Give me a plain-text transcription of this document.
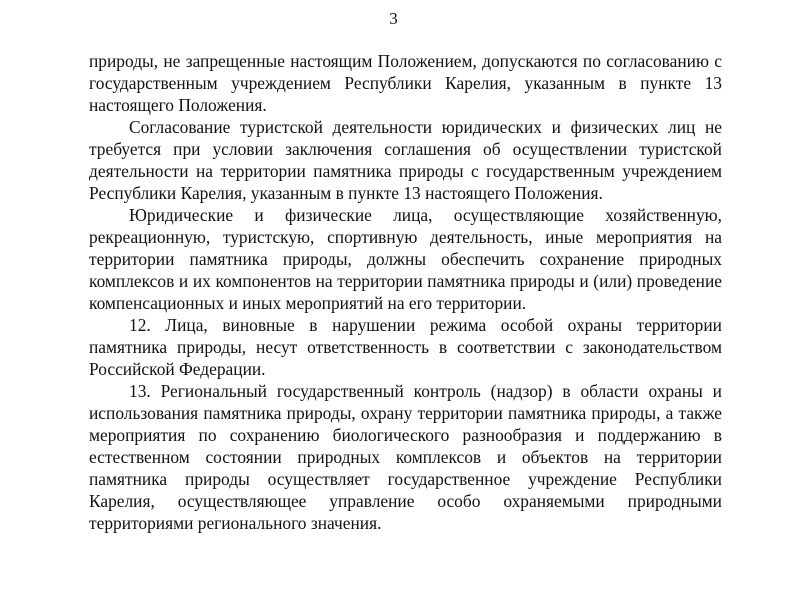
3

природы, не запрещенные настоящим Положением, допускаются по согласованию с государственным учреждением Республики Карелия, указанным в пункте 13 настоящего Положения.

Согласование туристской деятельности юридических и физических лиц не требуется при условии заключения соглашения об осуществлении туристской деятельности на территории памятника природы с государственным учреждением Республики Карелия, указанным в пункте 13 настоящего Положения.

Юридические и физические лица, осуществляющие хозяйственную, рекреационную, туристскую, спортивную деятельность, иные мероприятия на территории памятника природы, должны обеспечить сохранение природных комплексов и их компонентов на территории памятника природы и (или) проведение компенсационных и иных мероприятий на его территории.

12. Лица, виновные в нарушении режима особой охраны территории памятника природы, несут ответственность в соответствии с законодательством Российской Федерации.

13. Региональный государственный контроль (надзор) в области охраны и использования памятника природы, охрану территории памятника природы, а также мероприятия по сохранению биологического разнообразия и поддержанию в естественном состоянии природных комплексов и объектов на территории памятника природы осуществляет государственное учреждение Республики Карелия, осуществляющее управление особо охраняемыми природными территориями регионального значения.
